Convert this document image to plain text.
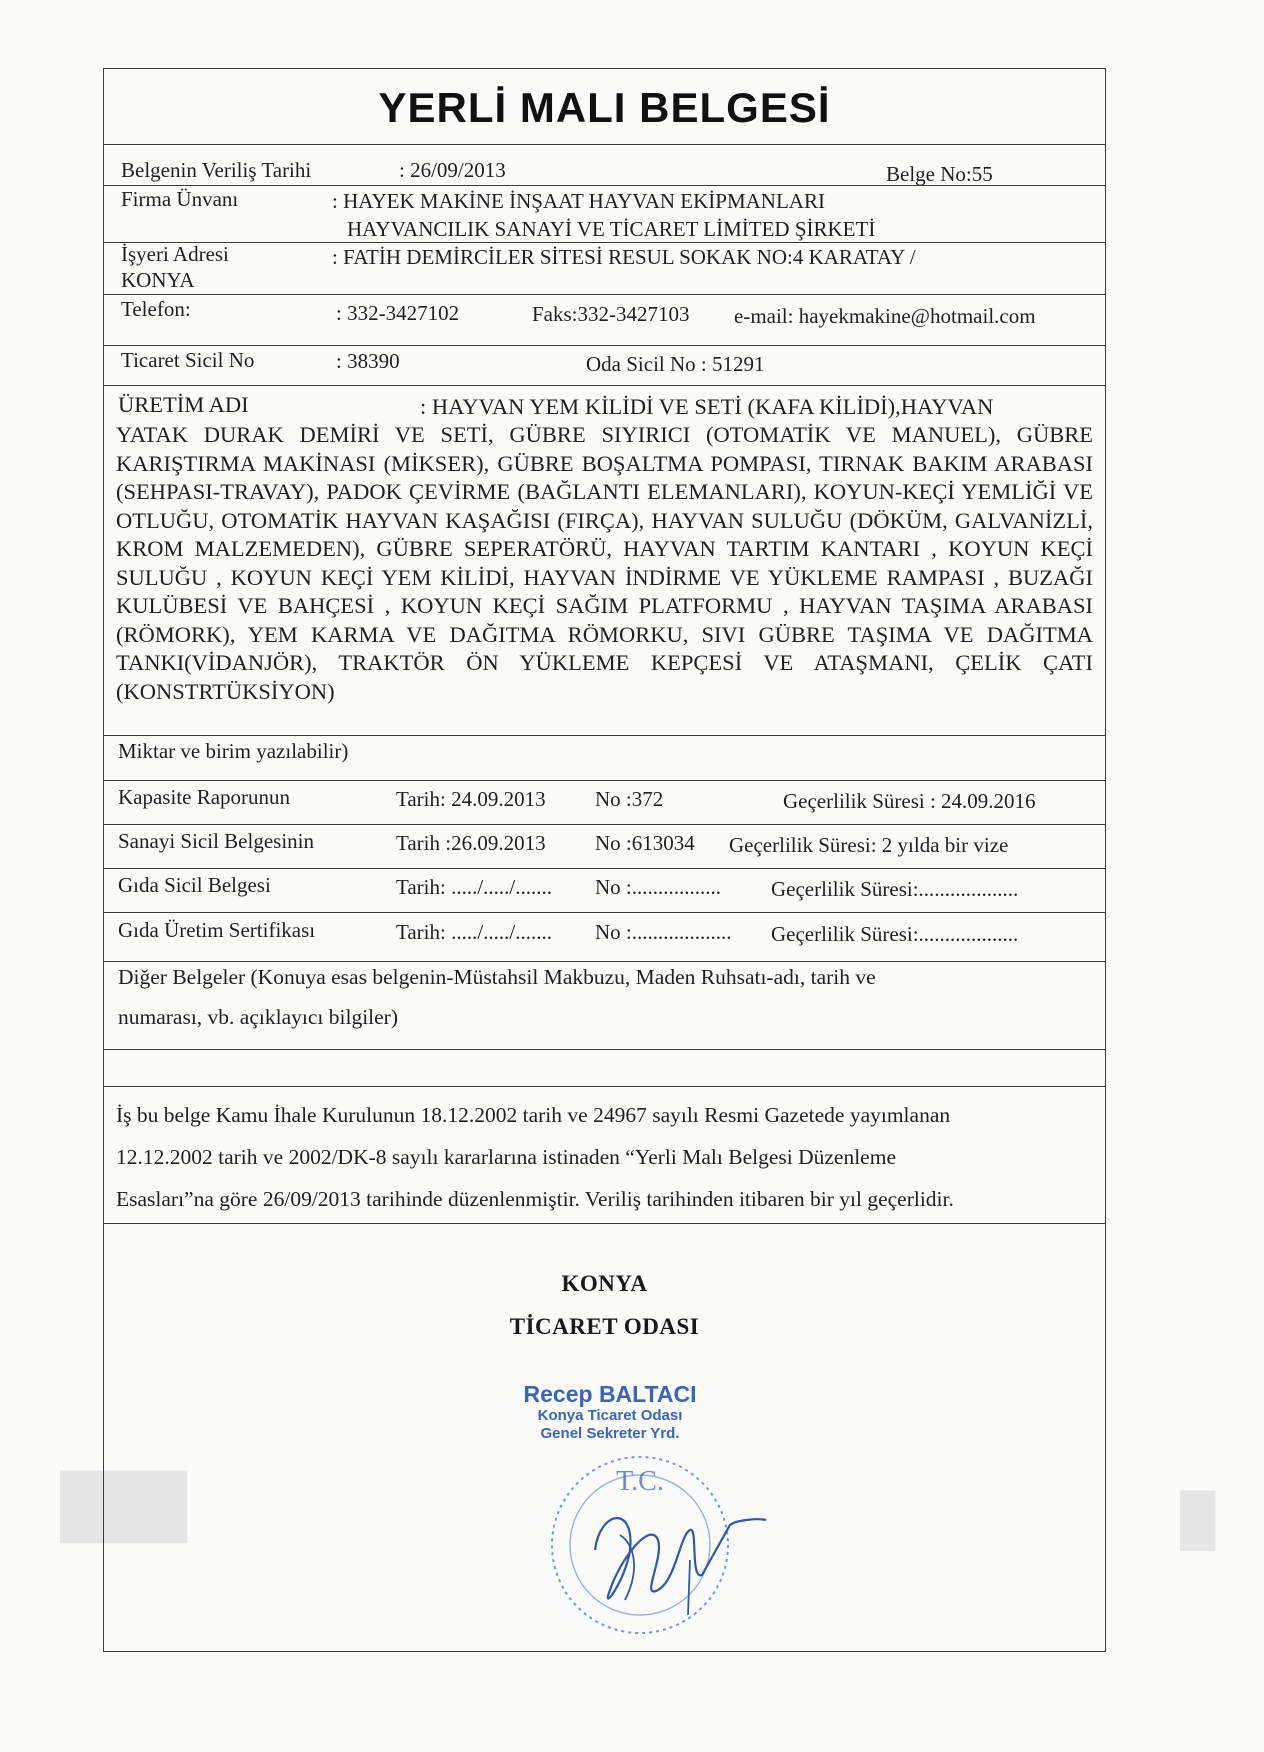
███	█
YERLİ MALI BELGESİ
Belgenin Veriliş Tarihi	: 26/09/2013	Belge No:55
Firma Ünvanı	: HAYEK MAKİNE İNŞAAT HAYVAN EKİPMANLARI
HAYVANCILIK SANAYİ VE TİCARET LİMİTED ŞİRKETİ
İşyeri Adresi	: FATİH DEMİRCİLER SİTESİ RESUL SOKAK NO:4 KARATAY /
KONYA
Telefon:	: 332-3427102	Faks:332-3427103 e-mail: hayekmakine@hotmail.com
Ticaret Sicil No	: 38390	Oda Sicil No : 51291
ÜRETİM ADI	: HAYVAN YEM KİLİDİ VE SETİ (KAFA KİLİDİ),HAYVAN
YATAK DURAK DEMİRİ VE SETİ, GÜBRE SIYIRICI (OTOMATİK VE MANUEL), GÜBRE KARIŞTIRMA MAKİNASI (MİKSER), GÜBRE BOŞALTMA POMPASI, TIRNAK BAKIM ARABASI (SEHPASI-TRAVAY), PADOK ÇEVİRME (BAĞLANTI ELEMANLARI), KOYUN-KEÇİ YEMLİĞİ VE OTLUĞU, OTOMATİK HAYVAN KAŞAĞISI (FIRÇA), HAYVAN SULUĞU (DÖKÜM, GALVANİZLİ, KROM MALZEMEDEN), GÜBRE SEPERATÖRÜ, HAYVAN TARTIM KANTARI , KOYUN KEÇİ SULUĞU , KOYUN KEÇİ YEM KİLİDİ, HAYVAN İNDİRME VE YÜKLEME RAMPASI , BUZAĞI KULÜBESİ VE BAHÇESİ , KOYUN KEÇİ SAĞIM PLATFORMU , HAYVAN TAŞIMA ARABASI (RÖMORK), YEM KARMA VE DAĞITMA RÖMORKU, SIVI GÜBRE TAŞIMA VE DAĞITMA TANKI(VİDANJÖR), TRAKTÖR ÖN YÜKLEME KEPÇESİ VE ATAŞMANI, ÇELİK ÇATI (KONSTRTÜKSİYON)
Miktar ve birim yazılabilir)
Kapasite Raporunun	Tarih: 24.09.2013 No :372	Geçerlilik Süresi : 24.09.2016
Sanayi Sicil Belgesinin	Tarih :26.09.2013 No :613034 Geçerlilik Süresi: 2 yılda bir vize
Gıda Sicil Belgesi	Tarih: ...../...../....... No :................. Geçerlilik Süresi:...................
Gıda Üretim Sertifikası	Tarih: ...../...../....... No :................... Geçerlilik Süresi:...................
Diğer Belgeler (Konuya esas belgenin-Müstahsil Makbuzu, Maden Ruhsatı-adı, tarih ve
numarası, vb. açıklayıcı bilgiler)
İş bu belge Kamu İhale Kurulunun 18.12.2002 tarih ve 24967 sayılı Resmi Gazetede yayımlanan
12.12.2002 tarih ve 2002/DK-8 sayılı kararlarına istinaden “Yerli Malı Belgesi Düzenleme
Esasları”na göre 26/09/2013 tarihinde düzenlenmiştir. Veriliş tarihinden itibaren bir yıl geçerlidir.
KONYA
TİCARET ODASI
Recep BALTACI
Konya Ticaret Odası
Genel Sekreter Yrd.
T.C.
